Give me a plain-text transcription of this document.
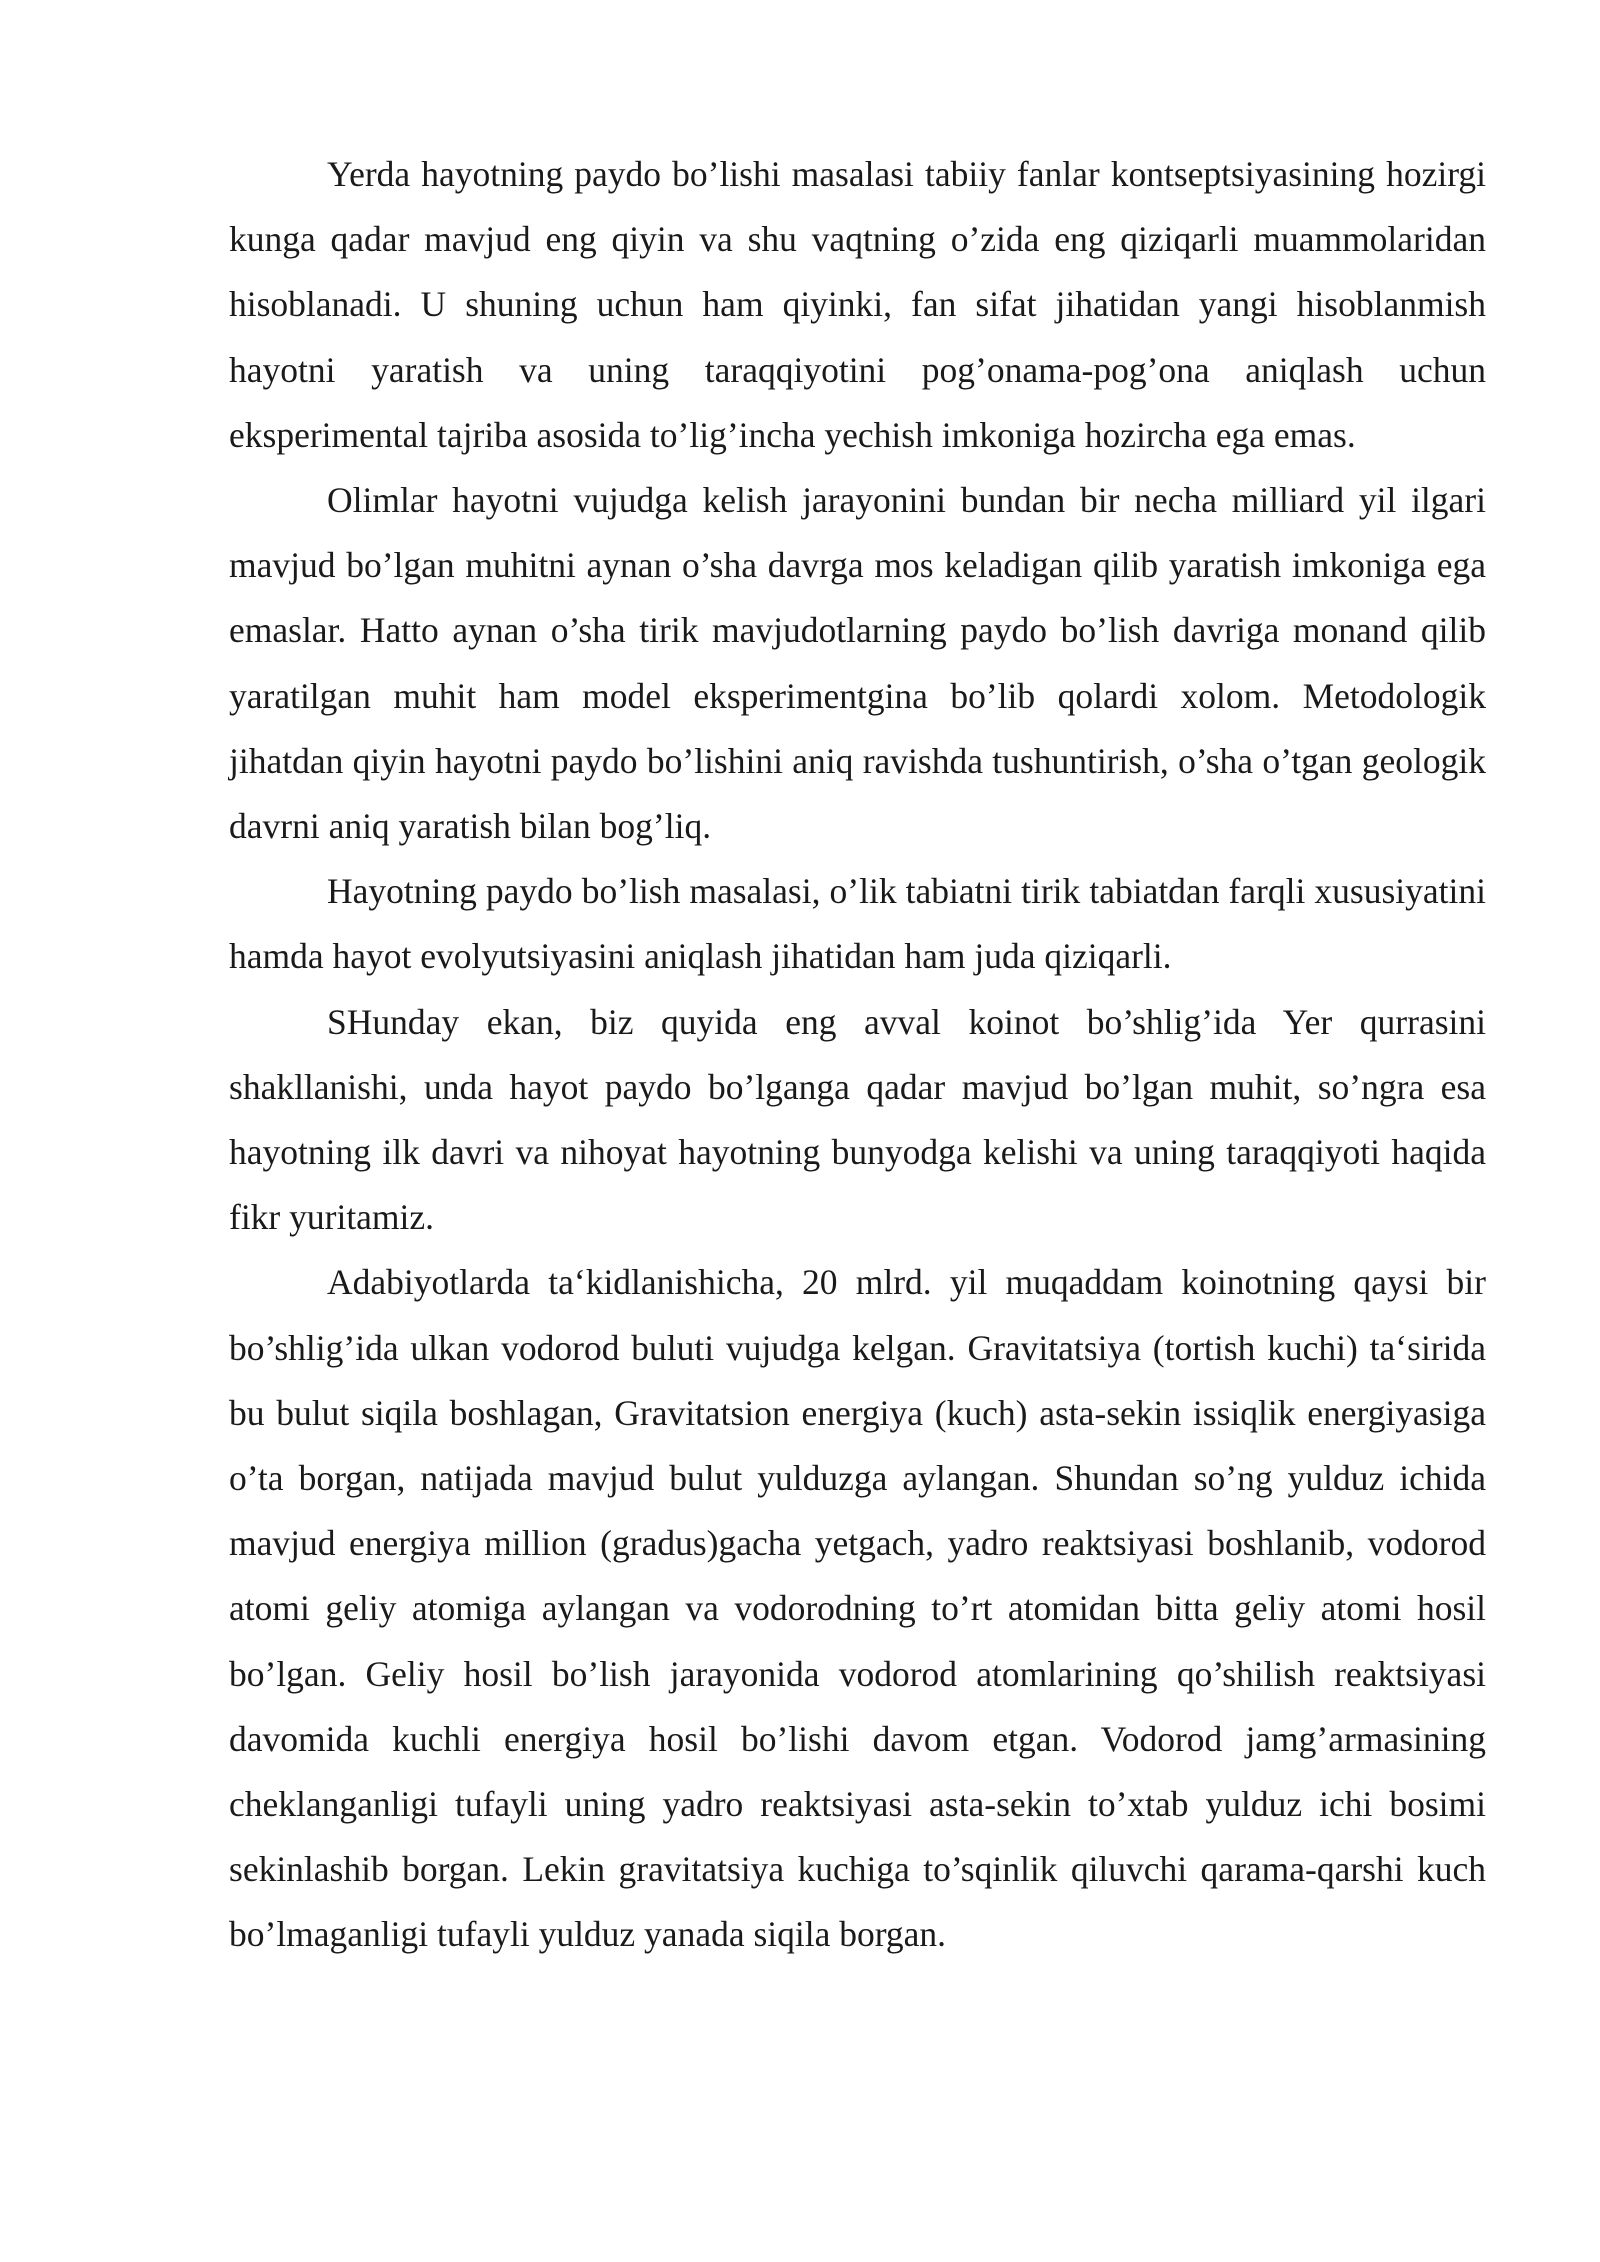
Yerda hayotning paydo bo’lishi masalasi tabiiy fanlar kontseptsiyasining hozirgi kunga qadar mavjud eng qiyin va shu vaqtning o’zida eng qiziqarli muammolaridan hisoblanadi. U shuning uchun ham qiyinki, fan sifat jihatidan yangi hisoblanmish hayotni yaratish va uning taraqqiyotini pog’onama-pog’ona aniqlash uchun eksperimental tajriba asosida to’lig’incha yechish imkoniga hozircha ega emas.

Olimlar hayotni vujudga kelish jarayonini bundan bir necha milliard yil ilgari mavjud bo’lgan muhitni aynan o’sha davrga mos keladigan qilib yaratish imkoniga ega emaslar. Hatto aynan o’sha tirik mavjudotlarning paydo bo’lish davriga monand qilib yaratilgan muhit ham model eksperimentgina bo’lib qolardi xolom. Metodologik jihatdan qiyin hayotni paydo bo’lishini aniq ravishda tushuntirish, o’sha o’tgan geologik davrni aniq yaratish bilan bog’liq.

Hayotning paydo bo’lish masalasi, o’lik tabiatni tirik tabiatdan farqli xususiyatini hamda hayot evolyutsiyasini aniqlash jihatidan ham juda qiziqarli.

SHunday ekan, biz quyida eng avval koinot bo’shlig’ida Yer qurrasini shakllanishi, unda hayot paydo bo’lganga qadar mavjud bo’lgan muhit, so’ngra esa hayotning ilk davri va nihoyat hayotning bunyodga kelishi va uning taraqqiyoti haqida fikr yuritamiz.

Adabiyotlarda ta‘kidlanishicha, 20 mlrd. yil muqaddam koinotning qaysi bir bo’shlig’ida ulkan vodorod buluti vujudga kelgan. Gravitatsiya (tortish kuchi) ta‘sirida bu bulut siqila boshlagan, Gravitatsion energiya (kuch) asta-sekin issiqlik energiyasiga o’ta borgan, natijada mavjud bulut yulduzga aylangan. Shundan so’ng yulduz ichida mavjud energiya million (gradus)gacha yetgach, yadro reaktsiyasi boshlanib, vodorod atomi geliy atomiga aylangan va vodorodning to’rt atomidan bitta geliy atomi hosil bo’lgan. Geliy hosil bo’lish jarayonida vodorod atomlarining qo’shilish reaktsiyasi davomida kuchli energiya hosil bo’lishi davom etgan. Vodorod jamg’armasining cheklanganligi tufayli uning yadro reaktsiyasi asta-sekin to’xtab yulduz ichi bosimi sekinlashib borgan. Lekin gravitatsiya kuchiga to’sqinlik qiluvchi qarama-qarshi kuch bo’lmaganligi tufayli yulduz yanada siqila borgan.
